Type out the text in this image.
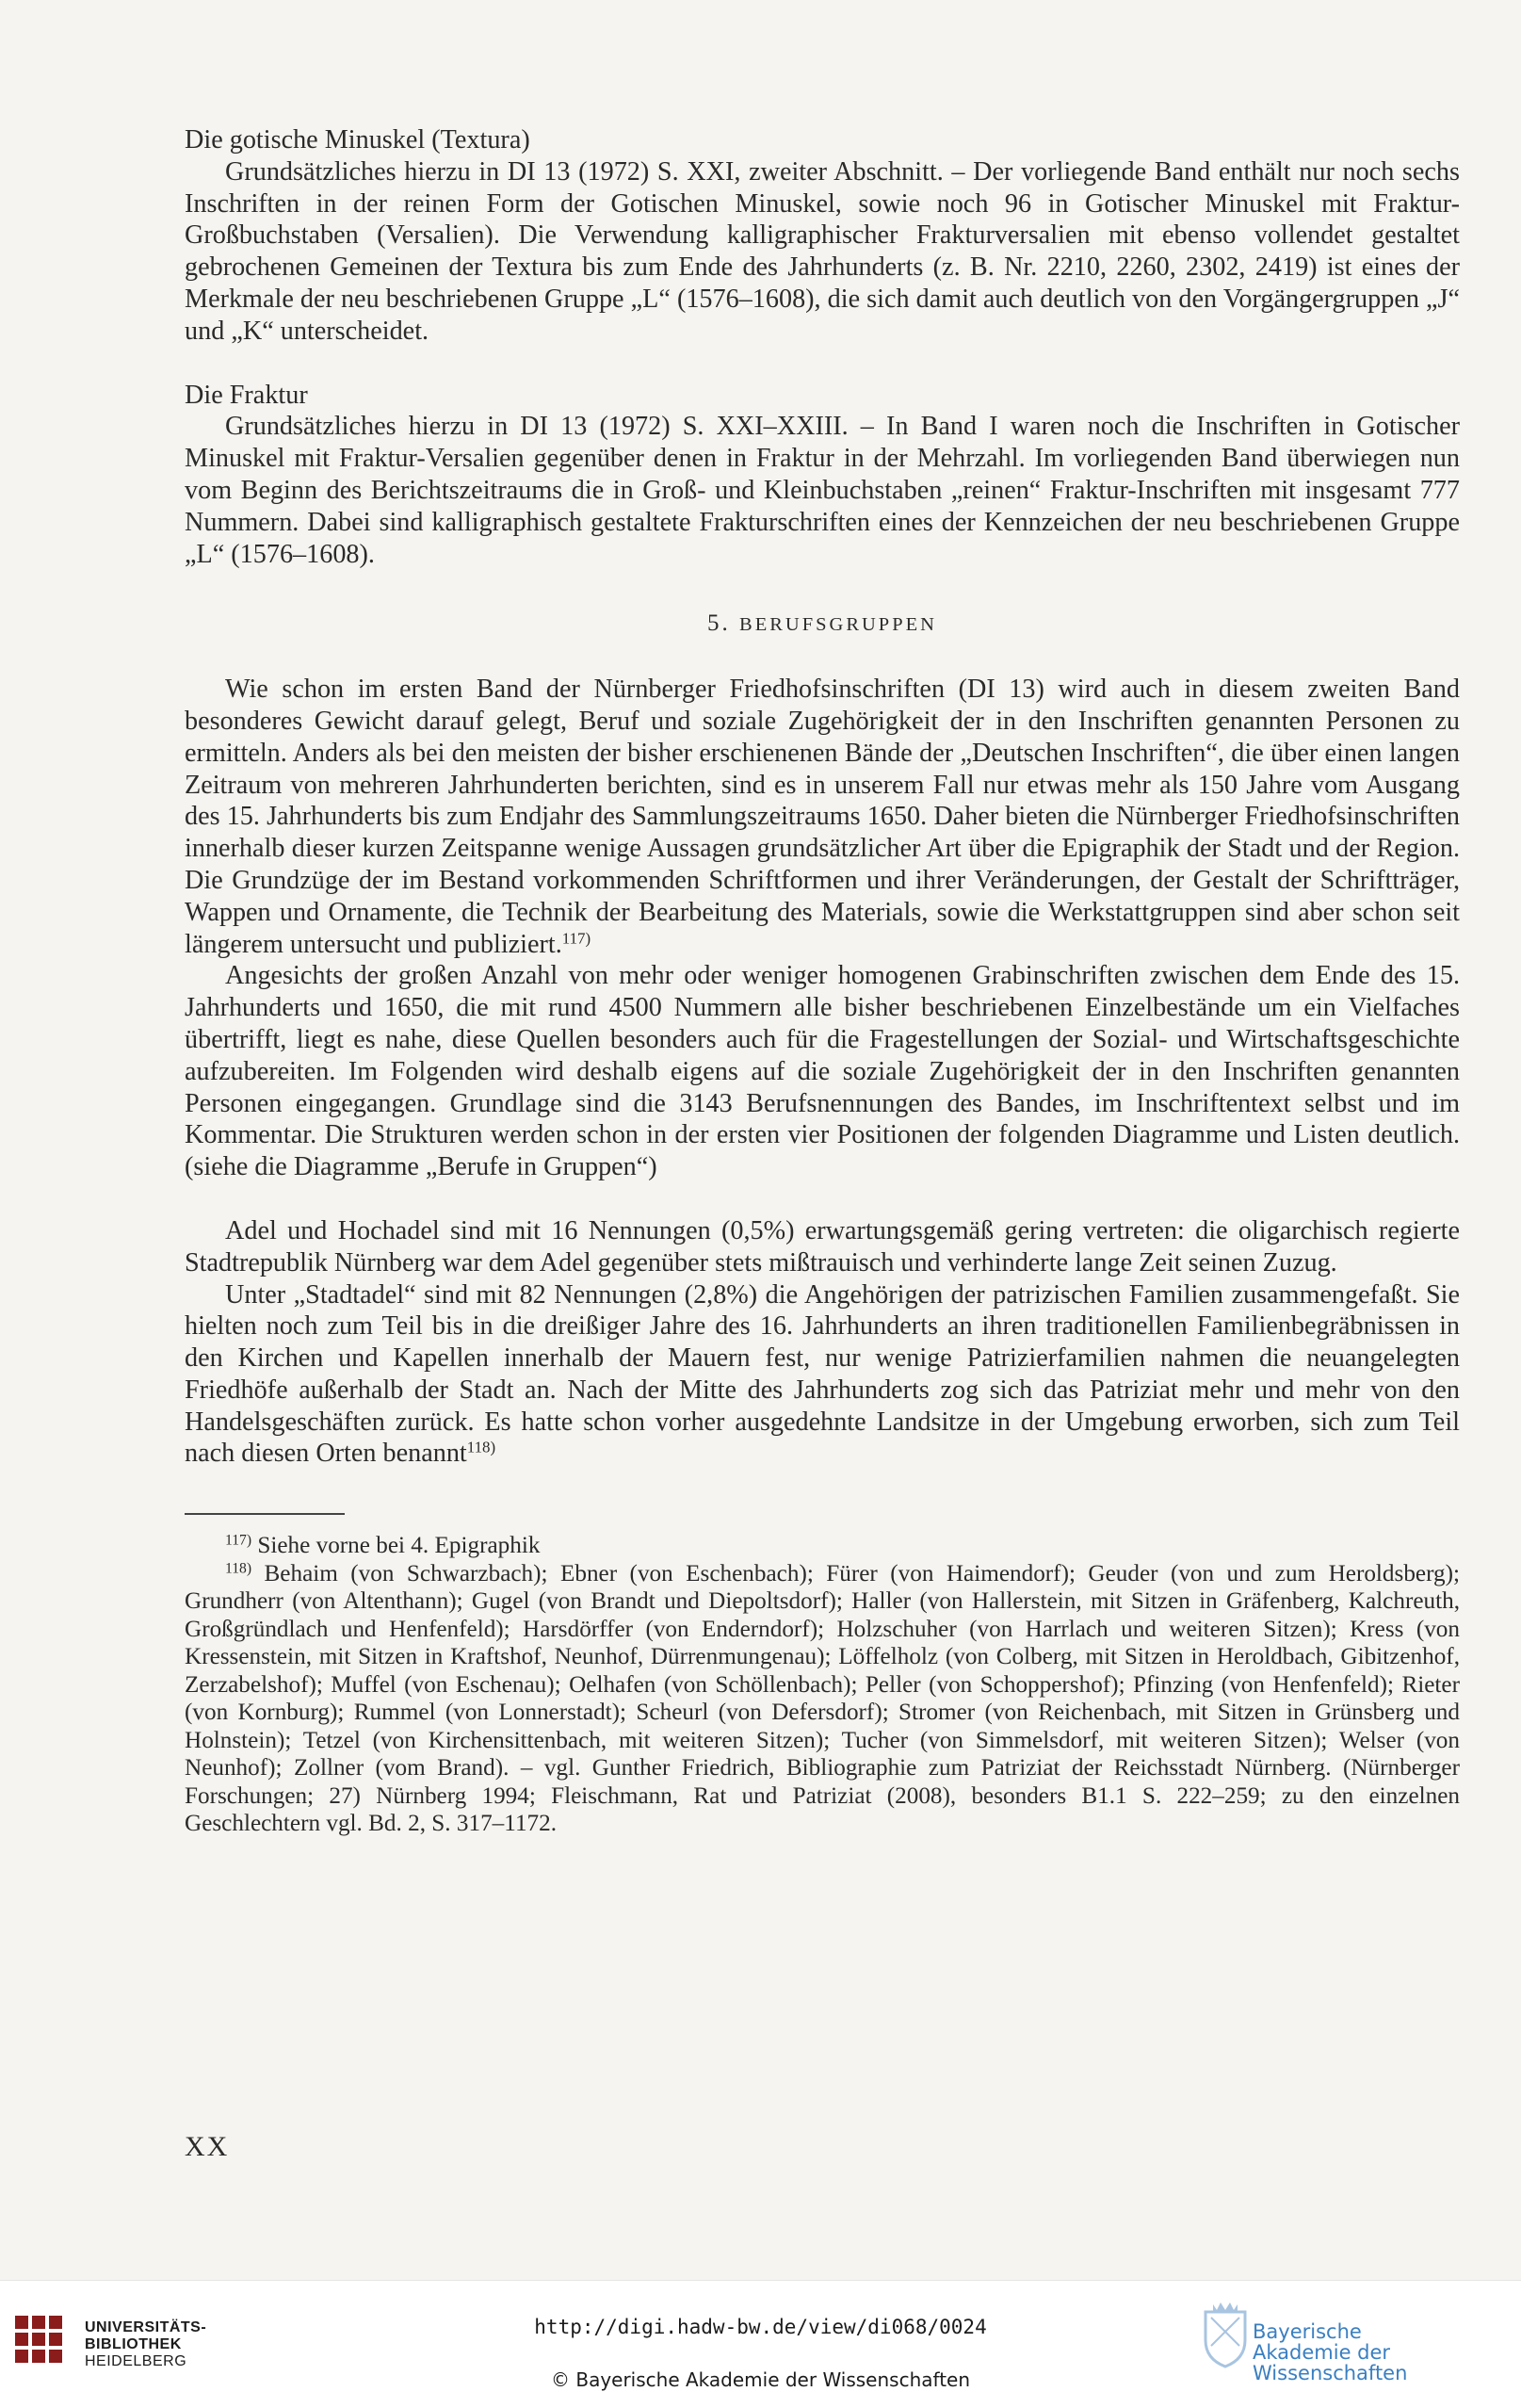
Die gotische Minuskel (Textura)

Grundsätzliches hierzu in DI 13 (1972) S. XXI, zweiter Abschnitt. – Der vorliegende Band enthält nur noch sechs Inschriften in der reinen Form der Gotischen Minuskel, sowie noch 96 in Gotischer Minuskel mit Fraktur-Großbuchstaben (Versalien). Die Verwendung kalligraphischer Frakturversalien mit ebenso vollendet gestaltet gebrochenen Gemeinen der Textura bis zum Ende des Jahrhunderts (z. B. Nr. 2210, 2260, 2302, 2419) ist eines der Merkmale der neu beschriebenen Gruppe „L“ (1576–1608), die sich damit auch deutlich von den Vorgängergruppen „J“ und „K“ unterscheidet.

Die Fraktur

Grundsätzliches hierzu in DI 13 (1972) S. XXI–XXIII. – In Band I waren noch die Inschriften in Gotischer Minuskel mit Fraktur-Versalien gegenüber denen in Fraktur in der Mehrzahl. Im vorliegenden Band überwiegen nun vom Beginn des Berichtszeitraums die in Groß- und Kleinbuchstaben „reinen“ Fraktur-Inschriften mit insgesamt 777 Nummern. Dabei sind kalligraphisch gestaltete Frakturschriften eines der Kennzeichen der neu beschriebenen Gruppe „L“ (1576–1608).

5. BERUFSGRUPPEN

Wie schon im ersten Band der Nürnberger Friedhofsinschriften (DI 13) wird auch in diesem zweiten Band besonderes Gewicht darauf gelegt, Beruf und soziale Zugehörigkeit der in den Inschriften genannten Personen zu ermitteln. Anders als bei den meisten der bisher erschienenen Bände der „Deutschen Inschriften“, die über einen langen Zeitraum von mehreren Jahrhunderten berichten, sind es in unserem Fall nur etwas mehr als 150 Jahre vom Ausgang des 15. Jahrhunderts bis zum Endjahr des Sammlungszeitraums 1650. Daher bieten die Nürnberger Friedhofsinschriften innerhalb dieser kurzen Zeitspanne wenige Aussagen grundsätzlicher Art über die Epigraphik der Stadt und der Region. Die Grundzüge der im Bestand vorkommenden Schriftformen und ihrer Veränderungen, der Gestalt der Schriftträger, Wappen und Ornamente, die Technik der Bearbeitung des Materials, sowie die Werkstattgruppen sind aber schon seit längerem untersucht und publiziert.$^{117)}$

Angesichts der großen Anzahl von mehr oder weniger homogenen Grabinschriften zwischen dem Ende des 15. Jahrhunderts und 1650, die mit rund 4500 Nummern alle bisher beschriebenen Einzelbestände um ein Vielfaches übertrifft, liegt es nahe, diese Quellen besonders auch für die Fragestellungen der Sozial- und Wirtschaftsgeschichte aufzubereiten. Im Folgenden wird deshalb eigens auf die soziale Zugehörigkeit der in den Inschriften genannten Personen eingegangen. Grundlage sind die 3143 Berufsnennungen des Bandes, im Inschriftentext selbst und im Kommentar. Die Strukturen werden schon in der ersten vier Positionen der folgenden Diagramme und Listen deutlich. (siehe die Diagramme „Berufe in Gruppen“)

Adel und Hochadel sind mit 16 Nennungen (0,5%) erwartungsgemäß gering vertreten: die oligarchisch regierte Stadtrepublik Nürnberg war dem Adel gegenüber stets mißtrauisch und verhinderte lange Zeit seinen Zuzug.

Unter „Stadtadel“ sind mit 82 Nennungen (2,8%) die Angehörigen der patrizischen Familien zusammengefaßt. Sie hielten noch zum Teil bis in die dreißiger Jahre des 16. Jahrhunderts an ihren traditionellen Familienbegräbnissen in den Kirchen und Kapellen innerhalb der Mauern fest, nur wenige Patrizierfamilien nahmen die neuangelegten Friedhöfe außerhalb der Stadt an. Nach der Mitte des Jahrhunderts zog sich das Patriziat mehr und mehr von den Handelsgeschäften zurück. Es hatte schon vorher ausgedehnte Landsitze in der Umgebung erworben, sich zum Teil nach diesen Orten benannt$^{118)}$

$^{117)}$ Siehe vorne bei 4. Epigraphik

$^{118)}$ Behaim (von Schwarzbach); Ebner (von Eschenbach); Fürer (von Haimendorf); Geuder (von und zum Heroldsberg); Grundherr (von Altenthann); Gugel (von Brandt und Diepoltsdorf); Haller (von Hallerstein, mit Sitzen in Gräfenberg, Kalchreuth, Großgründlach und Henfenfeld); Harsdörffer (von Enderndorf); Holzschuher (von Harrlach und weiteren Sitzen); Kress (von Kressenstein, mit Sitzen in Kraftshof, Neunhof, Dürrenmungenau); Löffelholz (von Colberg, mit Sitzen in Heroldbach, Gibitzenhof, Zerzabelshof); Muffel (von Eschenau); Oelhafen (von Schöllenbach); Peller (von Schoppershof); Pfinzing (von Henfenfeld); Rieter (von Kornburg); Rummel (von Lonnerstadt); Scheurl (von Defersdorf); Stromer (von Reichenbach, mit Sitzen in Grünsberg und Holnstein); Tetzel (von Kirchensittenbach, mit weiteren Sitzen); Tucher (von Simmelsdorf, mit weiteren Sitzen); Welser (von Neunhof); Zollner (vom Brand). – vgl. Gunther Friedrich, Bibliographie zum Patriziat der Reichsstadt Nürnberg. (Nürnberger Forschungen; 27) Nürnberg 1994; Fleischmann, Rat und Patriziat (2008), besonders B1.1 S. 222–259; zu den einzelnen Geschlechtern vgl. Bd. 2, S. 317–1172.

XX
UNIVERSITÄTS-
BIBLIOTHEK
HEIDELBERG
http://digi.hadw-bw.de/view/di068/0024
© Bayerische Akademie der Wissenschaften
Bayerische
Akademie der Wissenschaften
